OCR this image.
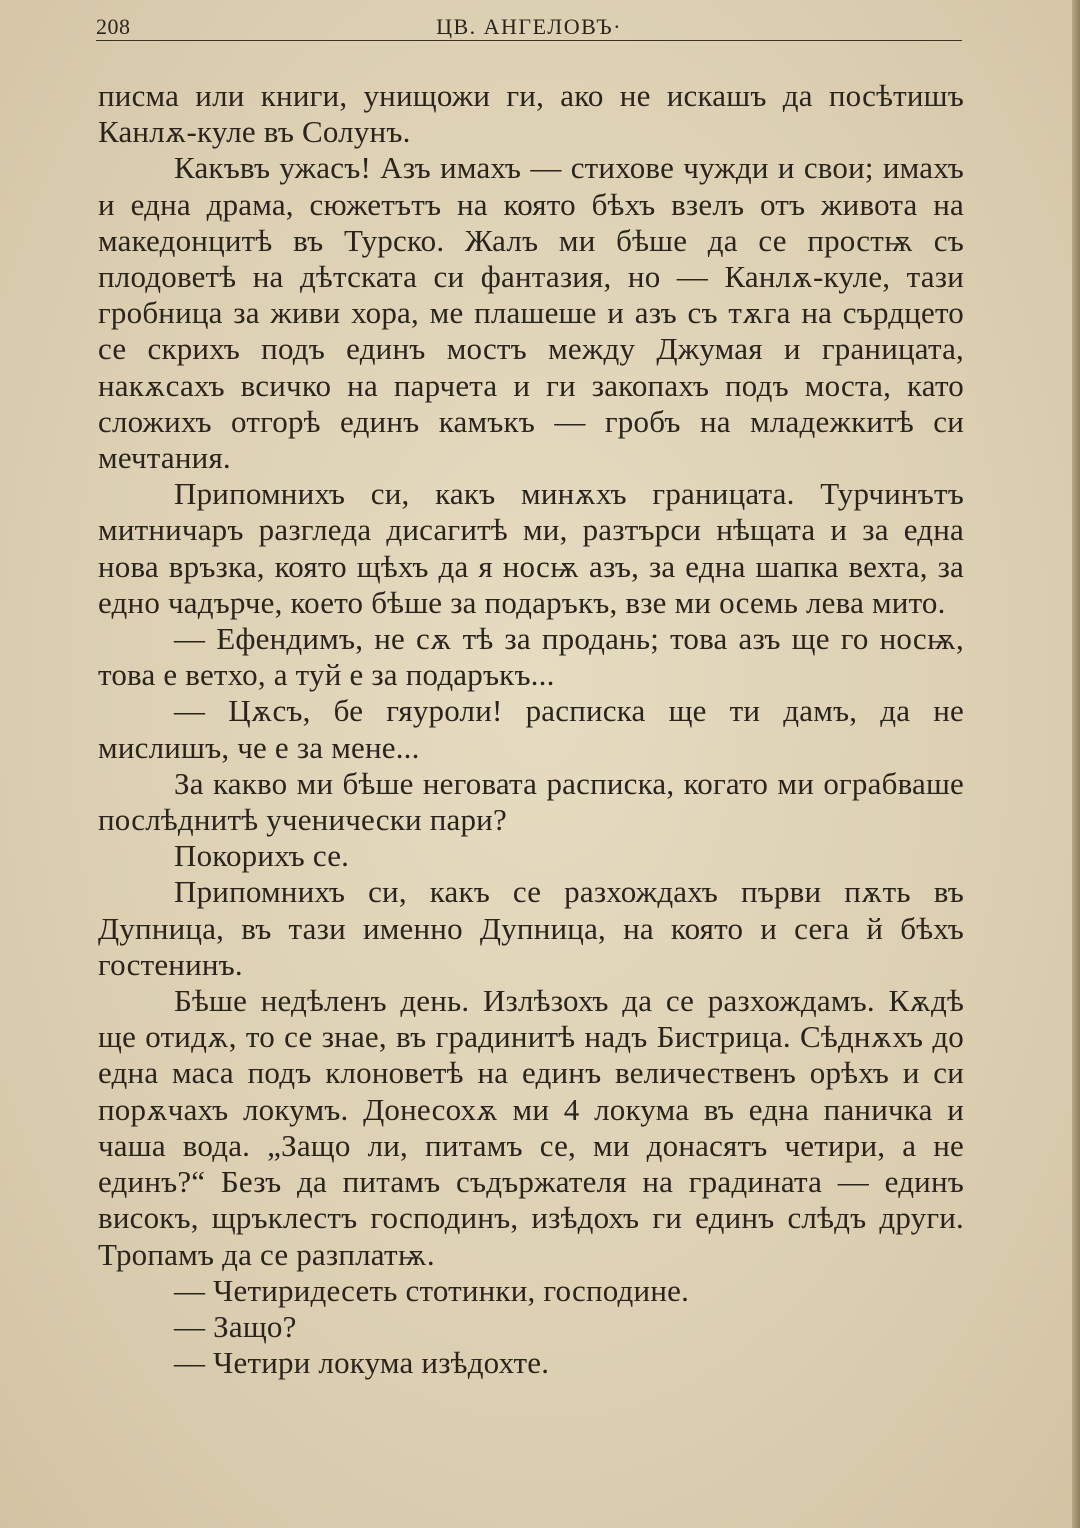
208	ЦВ. АНГЕЛОВЪ·

писма или книги, унищожи ги, ако не искашъ да посѣтишъ Канлѫ-куле въ Солунъ.

Какъвъ ужасъ! Азъ имахъ — стихове чужди и свои; имахъ и една драма, сюжетътъ на която бѣхъ взелъ отъ живота на македонцитѣ въ Турско. Жалъ ми бѣше да се простѭ съ плодоветѣ на дѣтската си фантазия, но — Канлѫ-куле, тази гробница за живи хора, ме плашеше и азъ съ тѫга на сърдцето се скрихъ подъ единъ мостъ между Джумая и границата, накѫсахъ всичко на парчета и ги закопахъ подъ моста, като сложихъ отгорѣ единъ камъкъ — гробъ на младежкитѣ си мечтания.

Припомнихъ си, какъ минѫхъ границата. Турчинътъ митничаръ разгледа дисагитѣ ми, разтърси нѣщата и за една нова връзка, която щѣхъ да я носѭ азъ, за една шапка вехта, за едно чадърче, което бѣше за подаръкъ, взе ми осемь лева мито.

— Ефендимъ, не сѫ тѣ за продань; това азъ ще го носѭ, това е ветхо, а туй е за подаръкъ...

— Цѫсъ, бе гяуроли! расписка ще ти дамъ, да не мислишъ, че е за мене...

За какво ми бѣше неговата расписка, когато ми ограбваше послѣднитѣ ученически пари?

Покорихъ се.

Припомнихъ си, какъ се разхождахъ първи пѫть въ Дупница, въ тази именно Дупница, на която и сега й бѣхъ гостенинъ.

Бѣше недѣленъ день. Излѣзохъ да се разхождамъ. Кѫдѣ ще отидѫ, то се знае, въ градинитѣ надъ Бистрица. Сѣднѫхъ до една маса подъ клоноветѣ на единъ величественъ орѣхъ и си порѫчахъ локумъ. Донесохѫ ми 4 локума въ една паничка и чаша вода. „Защо ли, питамъ се, ми донасятъ четири, а не единъ?“ Безъ да питамъ съдържателя на градината — единъ високъ, щръклестъ господинъ, изѣдохъ ги единъ слѣдъ други. Тропамъ да се разплатѭ.

— Четиридесеть стотинки, господине.

— Защо?

— Четири локума изѣдохте.
